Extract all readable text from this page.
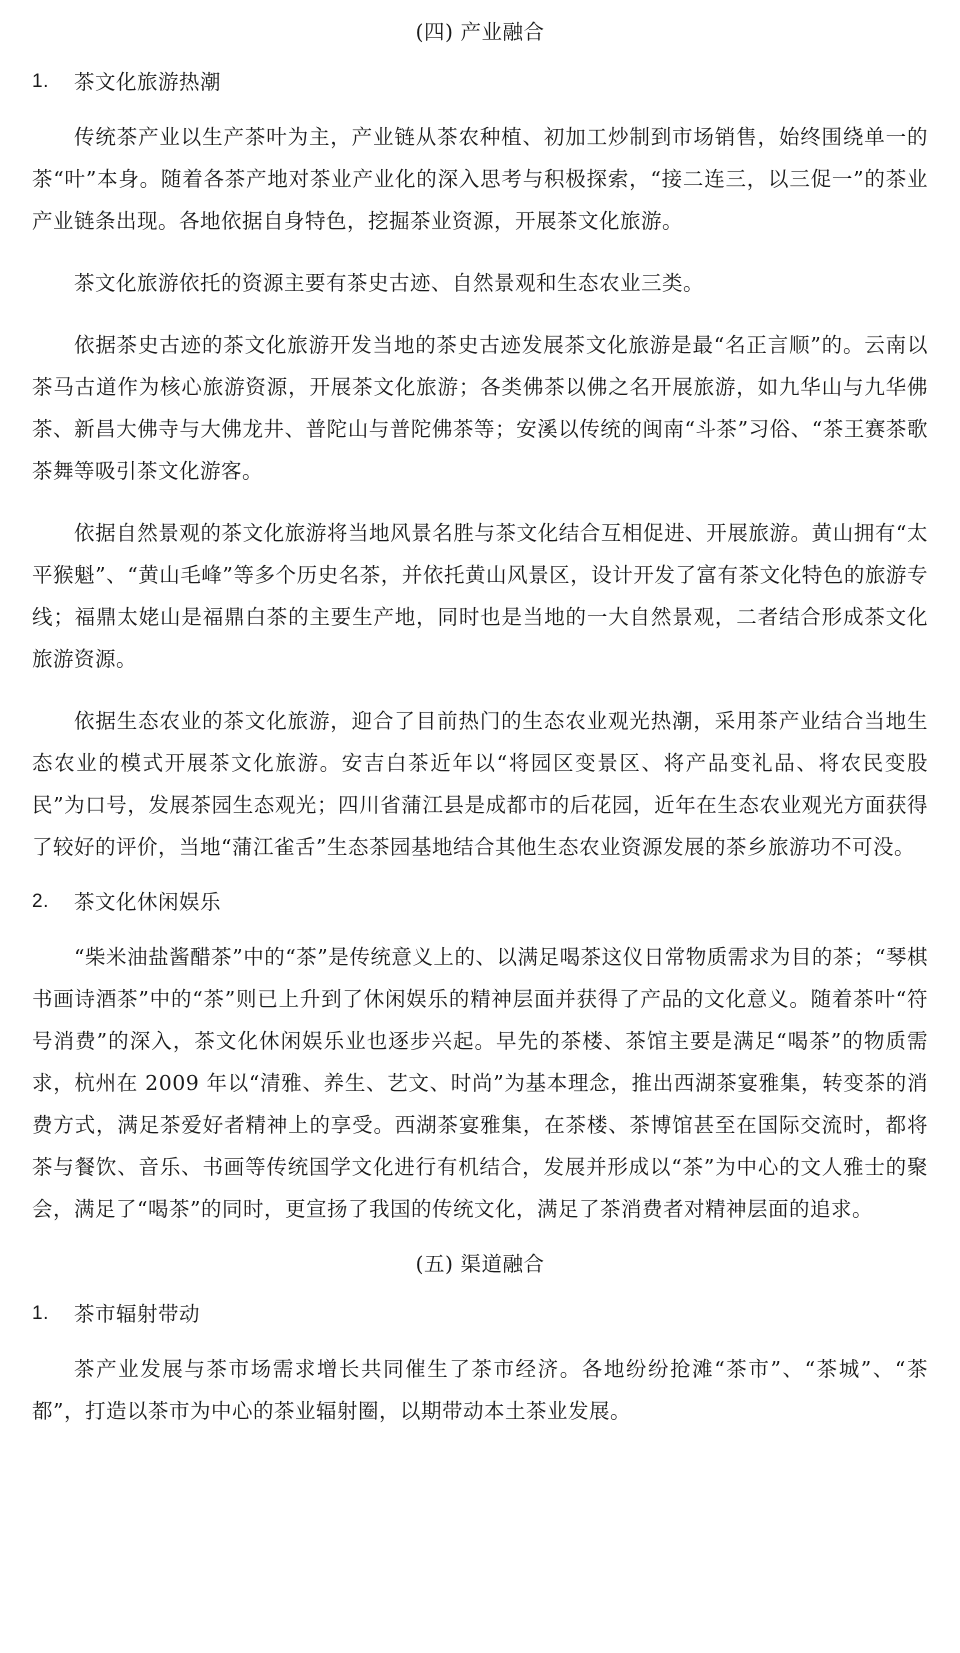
(四) 产业融合
1.	茶文化旅游热潮

传统茶产业以生产茶叶为主，产业链从茶农种植、初加工炒制到市场销售，始终围绕单一的茶“叶”本身。随着各茶产地对茶业产业化的深入思考与积极探索，“接二连三，以三促一”的茶业产业链条出现。各地依据自身特色，挖掘茶业资源，开展茶文化旅游。

茶文化旅游依托的资源主要有茶史古迹、自然景观和生态农业三类。

依据茶史古迹的茶文化旅游开发当地的茶史古迹发展茶文化旅游是最“名正言顺”的。云南以茶马古道作为核心旅游资源，开展茶文化旅游；各类佛茶以佛之名开展旅游，如九华山与九华佛茶、新昌大佛寺与大佛龙井、普陀山与普陀佛茶等；安溪以传统的闽南“斗茶”习俗、“茶王赛茶歌茶舞等吸引茶文化游客。

依据自然景观的茶文化旅游将当地风景名胜与茶文化结合互相促进、开展旅游。黄山拥有“太平猴魁”、“黄山毛峰”等多个历史名茶，并依托黄山风景区，设计开发了富有茶文化特色的旅游专线；福鼎太姥山是福鼎白茶的主要生产地，同时也是当地的一大自然景观，二者结合形成茶文化旅游资源。

依据生态农业的茶文化旅游，迎合了目前热门的生态农业观光热潮，采用茶产业结合当地生态农业的模式开展茶文化旅游。安吉白茶近年以“将园区变景区、将产品变礼品、将农民变股民”为口号，发展茶园生态观光；四川省蒲江县是成都市的后花园，近年在生态农业观光方面获得了较好的评价，当地“蒲江雀舌”生态茶园基地结合其他生态农业资源发展的茶乡旅游功不可没。

2.	茶文化休闲娱乐

“柴米油盐酱醋茶”中的“茶”是传统意义上的、以满足喝茶这仪日常物质需求为目的茶；“琴棋书画诗酒茶”中的“茶”则已上升到了休闲娱乐的精神层面并获得了产品的文化意义。随着茶叶“符号消费”的深入，茶文化休闲娱乐业也逐步兴起。早先的茶楼、茶馆主要是满足“喝茶”的物质需求，杭州在 2009 年以“清雅、养生、艺文、时尚”为基本理念，推出西湖茶宴雅集，转变茶的消费方式，满足茶爱好者精神上的享受。西湖茶宴雅集，在茶楼、茶博馆甚至在国际交流时，都将茶与餐饮、音乐、书画等传统国学文化进行有机结合，发展并形成以“茶”为中心的文人雅士的聚会，满足了“喝茶”的同时，更宣扬了我国的传统文化，满足了茶消费者对精神层面的追求。

(五) 渠道融合
1.	茶市辐射带动

茶产业发展与茶市场需求增长共同催生了茶市经济。各地纷纷抢滩“茶市”、“茶城”、“茶都”，打造以茶市为中心的茶业辐射圈，以期带动本土茶业发展。
